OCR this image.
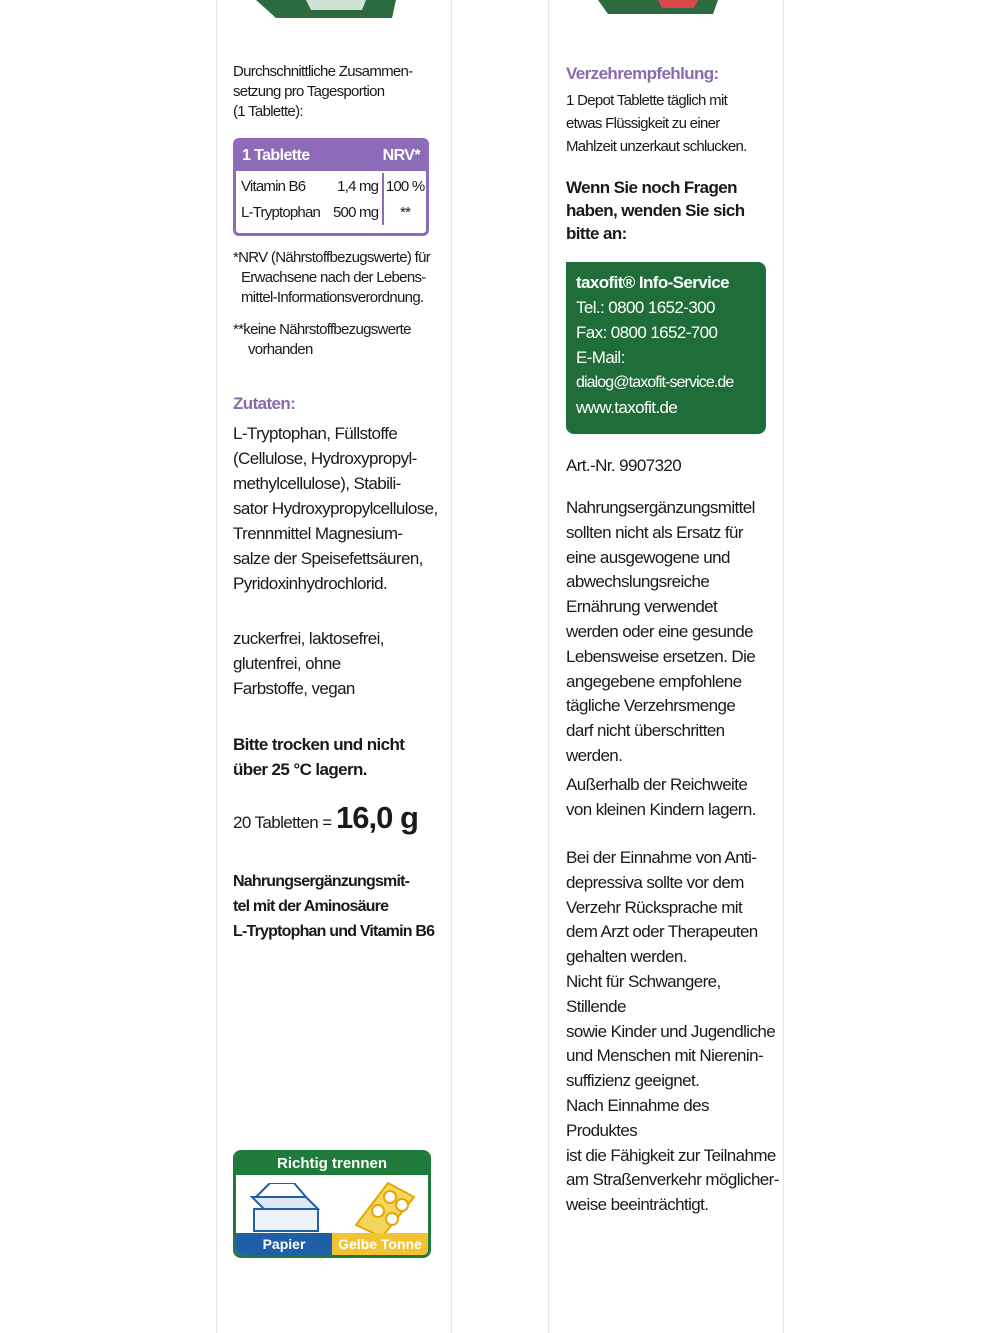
Durchschnittliche Zusammen-
setzung pro Tagesportion
(1 Tablette):
1 Tablette	NRV*
Vitamin B6	1,4 mg 100 %
L-Tryptophan 500 mg	**
*NRV (Nährstoffbezugswerte) für
Erwachsene nach der Lebens-
mittel-Informationsverordnung.
**keine Nährstoffbezugswerte
vorhanden
Zutaten:
L-Tryptophan, Füllstoffe
(Cellulose, Hydroxypropyl-
methylcellulose), Stabili-
sator Hydroxypropylcellulose,
Trennmittel Magnesium-
salze der Speisefettsäuren,
Pyridoxinhydrochlorid.
zuckerfrei, laktosefrei,
glutenfrei, ohne
Farbstoffe, vegan
Bitte trocken und nicht
über 25 °C lagern.
20 Tabletten = 16,0 g
Nahrungsergänzungsmit-
tel mit der Aminosäure
L-Tryptophan und Vitamin B6
Richtig trennen
Papier	Gelbe Tonne
Verzehrempfehlung:
1 Depot Tablette täglich mit
etwas Flüssigkeit zu einer
Mahlzeit unzerkaut schlucken.
Wenn Sie noch Fragen
haben, wenden Sie sich
bitte an:
taxofit® Info-Service
Tel.: 0800 1652-300
Fax: 0800 1652-700
E-Mail:
dialog@taxofit-service.de
www.taxofit.de
Art.-Nr. 9907320
Nahrungsergänzungsmittel
sollten nicht als Ersatz für
eine ausgewogene und
abwechslungsreiche
Ernährung verwendet
werden oder eine gesunde
Lebensweise ersetzen. Die
angegebene empfohlene
tägliche Verzehrsmenge
darf nicht überschritten
werden.
Außerhalb der Reichweite
von kleinen Kindern lagern.
Bei der Einnahme von Anti-
depressiva sollte vor dem
Verzehr Rücksprache mit
dem Arzt oder Therapeuten
gehalten werden.
Nicht für Schwangere, Stillende
sowie Kinder und Jugendliche
und Menschen mit Nierenin-
suffizienz geeignet.
Nach Einnahme des Produktes
ist die Fähigkeit zur Teilnahme
am Straßenverkehr möglicher-
weise beeinträchtigt.
